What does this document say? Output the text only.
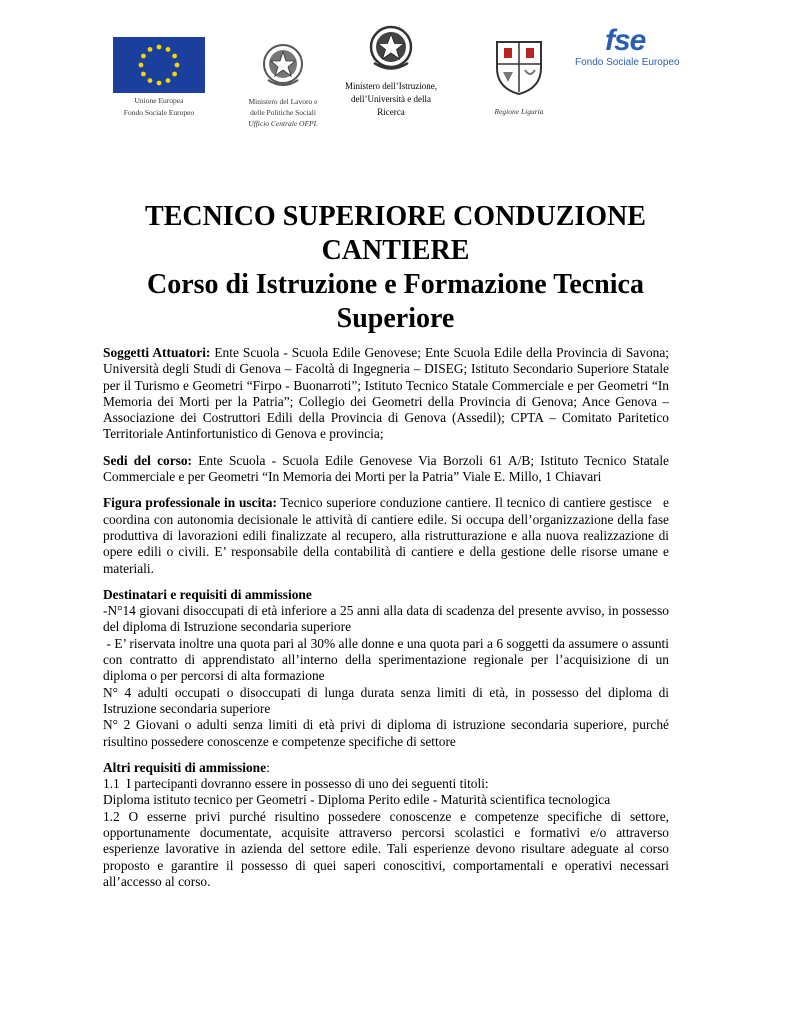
Unione Europea
Fondo Sociale Europeo
Ministero del Lavoro e
delle Politiche Sociali
Ufficio Centrale OFPL
Ministero dell’Istruzione,
dell’Università e della
Ricerca	Regione Liguria
fse
Fondo Sociale Europeo
TECNICO SUPERIORE CONDUZIONE
CANTIERE
Corso di Istruzione e Formazione Tecnica
Superiore

Soggetti Attuatori: Ente Scuola - Scuola Edile Genovese; Ente Scuola Edile della Provincia di Savona; Università degli Studi di Genova – Facoltà di Ingegneria – DISEG; Istituto Secondario Superiore Statale per il Turismo e Geometri “Firpo - Buonarroti”; Istituto Tecnico Statale Commerciale e per Geometri “In Memoria dei Morti per la Patria”; Collegio dei Geometri della Provincia di Genova; Ance Genova – Associazione dei Costruttori Edili della Provincia di Genova (Assedil); CPTA – Comitato Paritetico Territoriale Antinfortunistico di Genova e provincia;

Sedi del corso: Ente Scuola - Scuola Edile Genovese Via Borzoli 61 A/B; Istituto Tecnico Statale Commerciale e per Geometri “In Memoria dei Morti per la Patria” Viale E. Millo, 1 Chiavari

Figura professionale in uscita: Tecnico superiore conduzione cantiere. Il tecnico di cantiere gestisce   e coordina con autonomia decisionale le attività di cantiere edile. Si occupa dell’organizzazione della fase produttiva di lavorazioni edili finalizzate al recupero, alla ristrutturazione e alla nuova realizzazione di opere edili o civili. E’ responsabile della contabilità di cantiere e della gestione delle risorse umane e materiali.

Destinatari e requisiti di ammissione
-N°14 giovani disoccupati di età inferiore a 25 anni alla data di scadenza del presente avviso, in possesso del diploma di Istruzione secondaria superiore
- E’ riservata inoltre una quota pari al 30% alle donne e una quota pari a 6 soggetti da assumere o assunti con contratto di apprendistato all’interno della sperimentazione regionale per l’acquisizione di un diploma o per percorsi di alta formazione
N° 4 adulti occupati o disoccupati di lunga durata senza limiti di età, in possesso del diploma di Istruzione secondaria superiore
N° 2 Giovani o adulti senza limiti di età privi di diploma di istruzione secondaria superiore, purché risultino possedere conoscenze e competenze specifiche di settore
Altri requisiti di ammissione:
1.1  I partecipanti dovranno essere in possesso di uno dei seguenti titoli:
Diploma istituto tecnico per Geometri - Diploma Perito edile - Maturità scientifica tecnologica
1.2 O esserne privi purché risultino possedere conoscenze e competenze specifiche di settore, opportunamente documentate, acquisite attraverso percorsi scolastici e formativi e/o attraverso esperienze lavorative in azienda del settore edile. Tali esperienze devono risultare adeguate al corso proposto e garantire il possesso di quei saperi conoscitivi, comportamentali e operativi necessari all’accesso al corso.
